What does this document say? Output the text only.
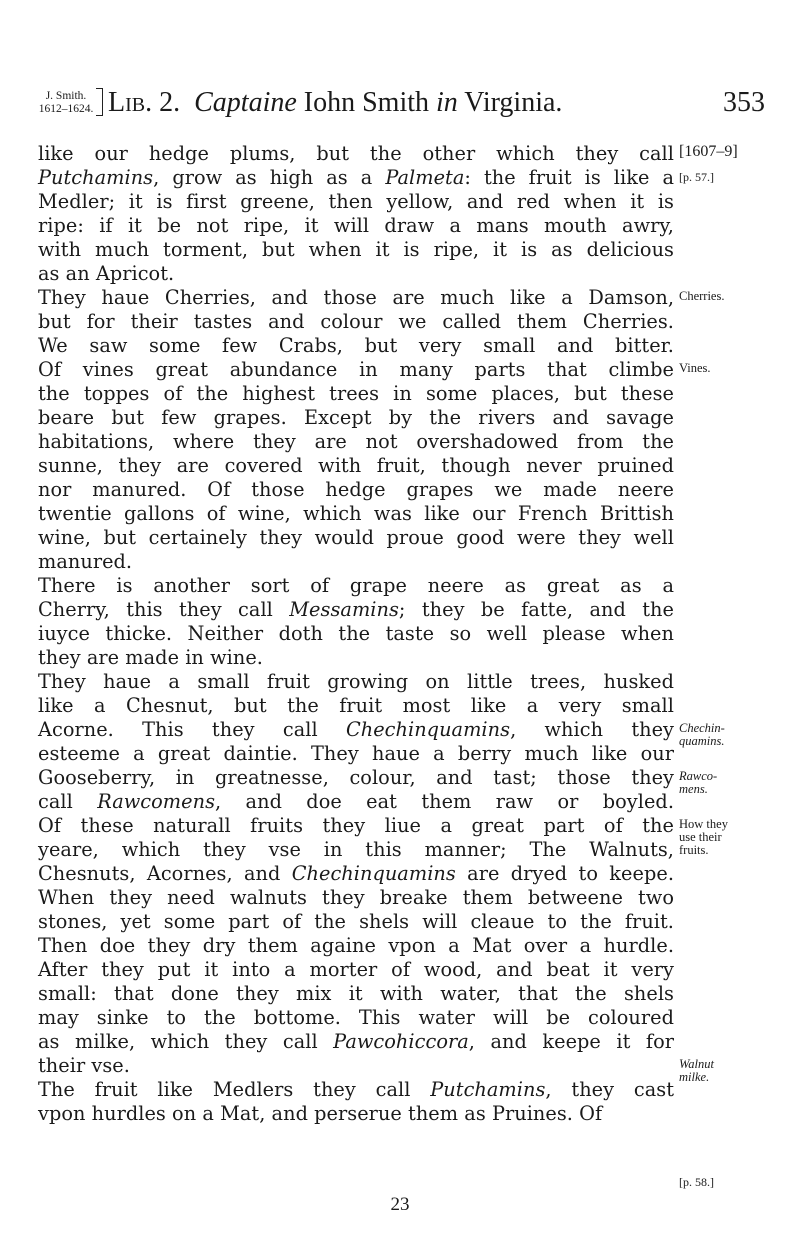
J. Smith.
1612–1624. Lib. 2. Captaine Iohn Smith in Virginia.	353
like our hedge plums, but the other which they call
Putchamins, grow as high as a Palmeta: the fruit is like a
Medler; it is first greene, then yellow, and red when it is
ripe: if it be not ripe, it will draw a mans mouth awry,
with much torment, but when it is ripe, it is as delicious
as an Apricot.
They haue Cherries, and those are much like a Damson,
but for their tastes and colour we called them Cherries.
We saw some few Crabs, but very small and bitter.
Of vines great abundance in many parts that climbe
the toppes of the highest trees in some places, but these
beare but few grapes. Except by the rivers and savage
habitations, where they are not overshadowed from the
sunne, they are covered with fruit, though never pruined
nor manured. Of those hedge grapes we made neere
twentie gallons of wine, which was like our French Brittish
wine, but certainely they would proue good were they well
manured.
There is another sort of grape neere as great as a
Cherry, this they call Messamins; they be fatte, and the
iuyce thicke. Neither doth the taste so well please when
they are made in wine.
They haue a small fruit growing on little trees, husked
like a Chesnut, but the fruit most like a very small
Acorne. This they call Chechinquamins, which they
esteeme a great daintie. They haue a berry much like our
Gooseberry, in greatnesse, colour, and tast; those they
call Rawcomens, and doe eat them raw or boyled.
Of these naturall fruits they liue a great part of the
yeare, which they vse in this manner; The Walnuts,
Chesnuts, Acornes, and Chechinquamins are dryed to keepe.
When they need walnuts they breake them betweene two
stones, yet some part of the shels will cleaue to the fruit.
Then doe they dry them againe vpon a Mat over a hurdle.
After they put it into a morter of wood, and beat it very
small: that done they mix it with water, that the shels
may sinke to the bottome. This water will be coloured
as milke, which they call Pawcohiccora, and keepe it for
their vse.
The fruit like Medlers they call Putchamins, they cast
vpon hurdles on a Mat, and perserue them as Pruines. Of
[1607–9]
[p. 57.]
Cherries.
Vines.
Chechin-
quamins.
Rawco-
mens.
How they
use their
fruits.
Walnut
milke.
[p. 58.]
23
